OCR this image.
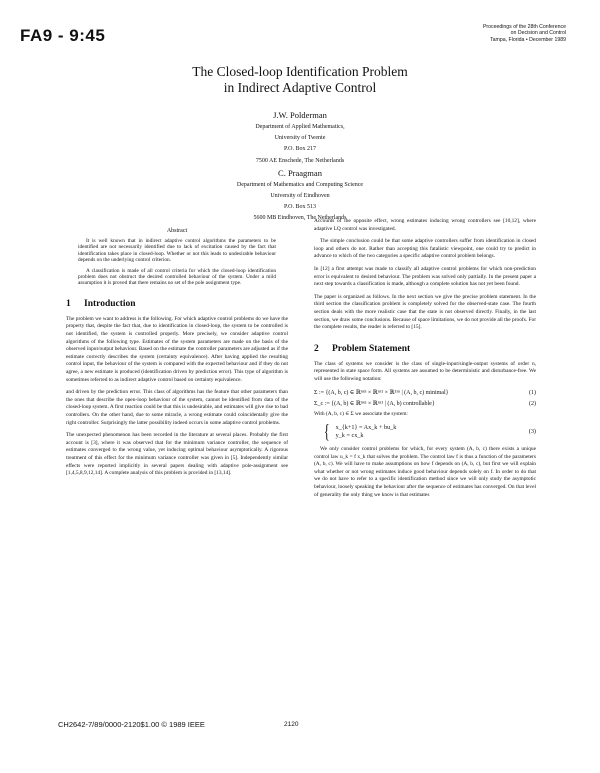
FA9 - 9:45	Proceedings of the 28th Conference
on Decision and Control
Tampa, Florida • December 1989
The Closed-loop Identification Problem
in Indirect Adaptive Control
J.W. Polderman
Department of Applied Mathematics,
University of Twente
P.O. Box 217
7500 AE Enschede, The Netherlands
C. Praagman
Department of Mathematics and Computing Science
University of Eindhoven
P.O. Box 513
5600 MB Eindhoven, The Netherlands
Abstract

It is well known that in indirect adaptive control algorithms the parameters to be identified are not necessarily identified due to lack of excitation caused by the fact that identification takes place in closed-loop. Whether or not this leads to undesirable behaviour depends on the underlying control criterion.

A classification is made of all control criteria for which the closed-loop identification problem does not obstruct the desired controlled behaviour of the system. Under a mild assumption it is proved that there remains no set of the pole assignment type.

1 Introduction

The problem we want to address is the following. For which adaptive control problems do we have the property that, despite the fact that, due to identification in closed-loop, the system to be controlled is not identified, the system is controlled properly. More precisely, we consider adaptive control algorithms of the following type. Estimates of the system parameters are made on the basis of the observed input/output behaviour. Based on the estimate the controller parameters are adjusted as if the estimate correctly describes the system (certainty equivalence). After having applied the resulting control input, the behaviour of the system is compared with the expected behaviour and if they do not agree, a new estimate is produced (identification driven by prediction error). This type of algorithm is sometimes referred to as indirect adaptive control based on certainty equivalence.

and driven by the prediction error. This class of algorithms has the feature that other parameters than the ones that describe the open-loop behaviour of the system, cannot be identified from data of the closed-loop system. A first reaction could be that this is undesirable, and estimates will give rise to bad controllers. On the other hand, due to some miracle, a wrong estimate could coincidentally give the right controller. Surprisingly the latter possibility indeed occurs in some adaptive control problems.

The unexpected phenomenon has been recorded in the literature at several places. Probably the first account is [3], where it was observed that for the minimum variance controller, the sequence of estimates converged to the wrong value, yet inducing optimal behaviour asymptotically. A rigorous treatment of this effect for the minimum variance controller was given in [5]. Independently similar effects were reported implicitly in several papers dealing with adaptive pole-assignment see [1,4,5,8,9,12,14]. A complete analysis of this problem is provided in [13,14].

Accounts of the opposite effect, wrong estimates inducing wrong controllers see [10,12], where adaptive LQ control was investigated.

The simple conclusion could be that some adaptive controllers suffer from identification in closed loop and others do not. Rather than accepting this fatalistic viewpoint, one could try to predict in advance to which of the two categories a specific adaptive control problem belongs.

In [12] a first attempt was made to classify all adaptive control problems for which non-prediction error is equivalent to desired behaviour. The problem was solved only partially. In the present paper a next step towards a classification is made, although a complete solution has not yet been found.

The paper is organized as follows. In the next section we give the precise problem statement. In the third section the classification problem is completely solved for the observed-state case. The fourth section deals with the more realistic case that the state is not observed directly. Finally, in the last section, we draw some conclusions. Because of space limitations, we do not provide all the proofs. For the complete results, the reader is referred to [15].

2 Problem Statement

The class of systems we consider is the class of single-input/single-output systems of order n, represented in state space form. All systems are assumed to be deterministic and disturbance-free. We will use the following notation:

Σ := {(A, b, c) ∈ ℝⁿˣⁿ × ℝⁿˣ¹ × ℝ¹ˣⁿ | (A, b, c) minimal}	(1)
Σ_c := {(A, b) ∈ ℝⁿˣⁿ × ℝⁿˣ¹ | (A, b) controllable}	(2)

With (A, b, c) ∈ Σ we associate the system:

{ x_{k+1} = Ax_k + bu_k
y_k = cx_k
(3)

We only consider control problems for which, for every system (A, b, c) there exists a unique control law u_k = f x_k that solves the problem. The control law f is thus a function of the parameters (A, b, c). We will have to make assumptions on how f depends on (A, b, c), but first we will explain what whether or not wrong estimates induce good behaviour depends solely on f. In order to do that we do not have to refer to a specific identification method since we will only study the asymptotic behaviour, loosely speaking the behaviour after the sequence of estimates has converged. On that level of generality the only thing we know is that estimates

CH2642-7/89/0000-2120$1.00 © 1989 IEEE	2120
